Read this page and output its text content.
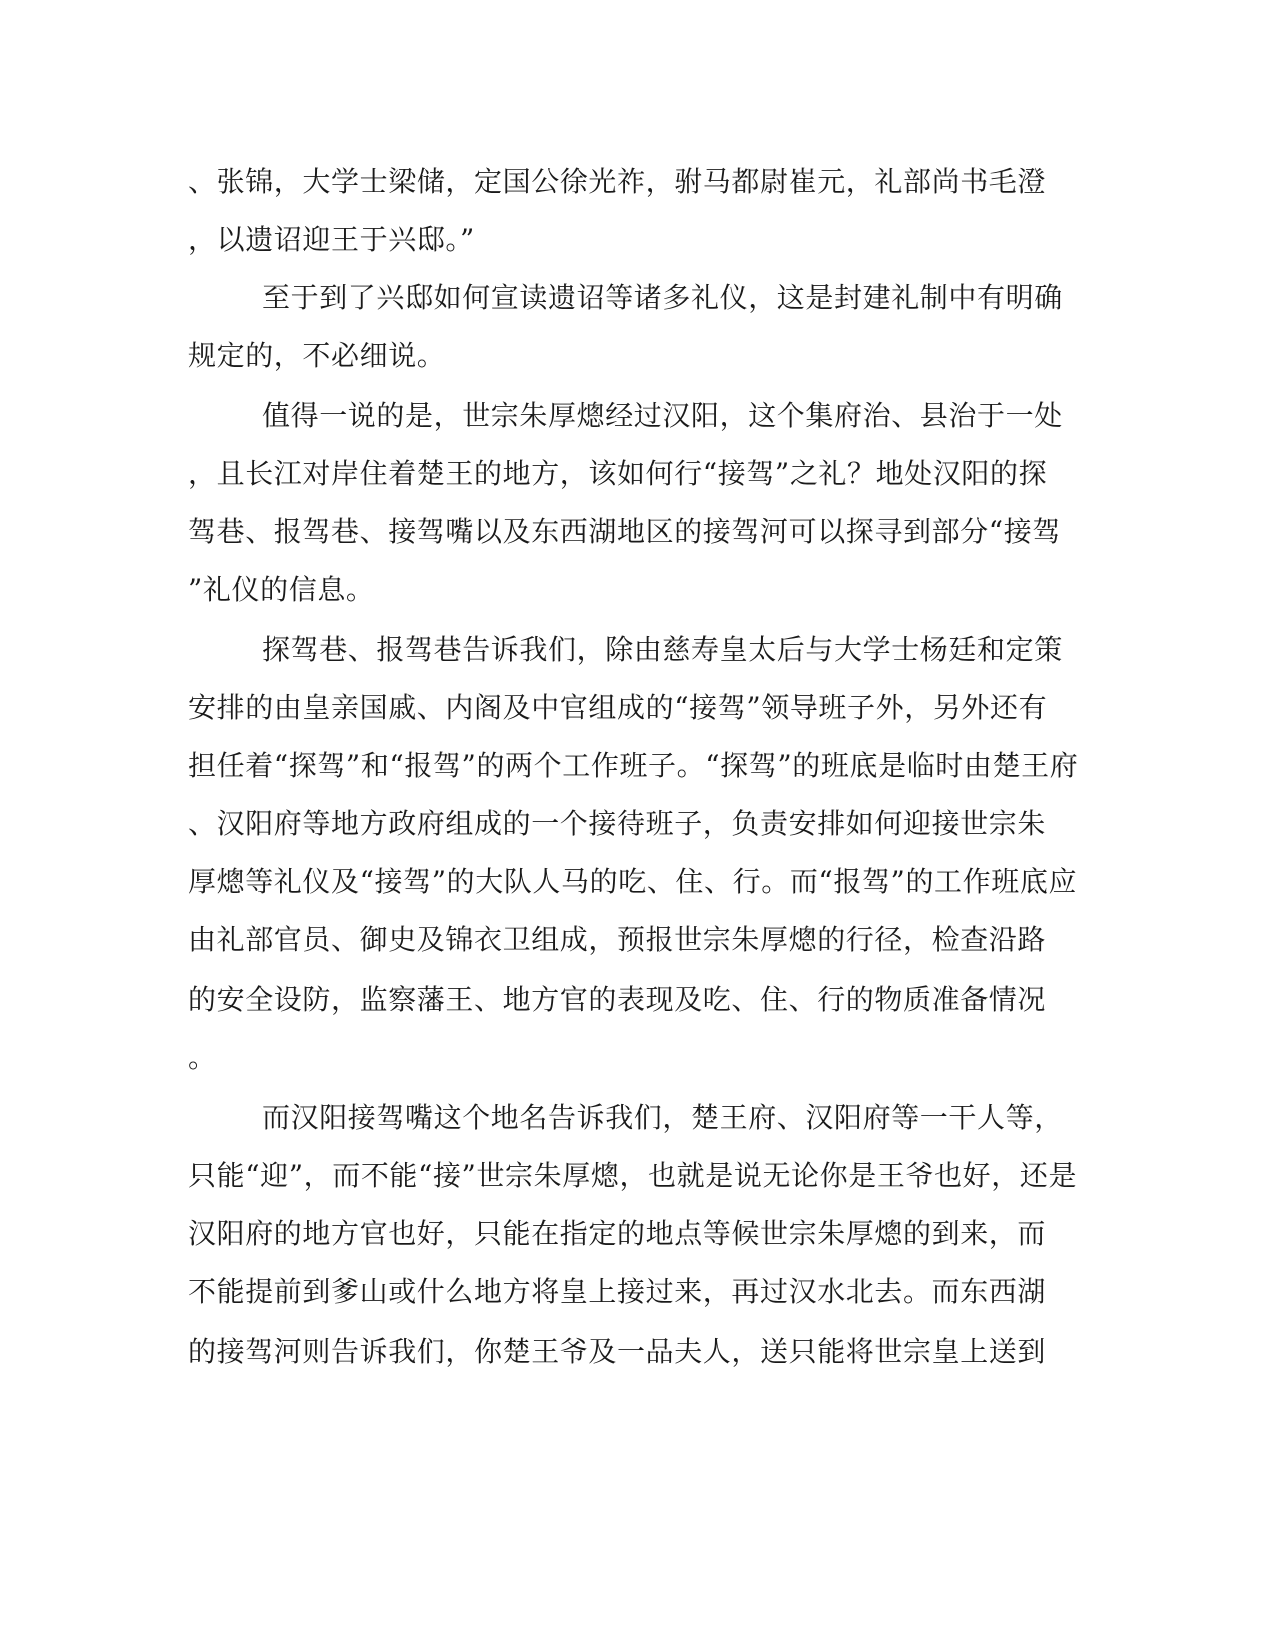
、张锦，大学士梁储，定国公徐光祚，驸马都尉崔元，礼部尚书毛澄
，以遗诏迎王于兴邸。”
至于到了兴邸如何宣读遗诏等诸多礼仪，这是封建礼制中有明确
规定的，不必细说。
值得一说的是，世宗朱厚熜经过汉阳，这个集府治、县治于一处
，且长江对岸住着楚王的地方，该如何行“接驾”之礼？地处汉阳的探
驾巷、报驾巷、接驾嘴以及东西湖地区的接驾河可以探寻到部分“接驾
”礼仪的信息。
探驾巷、报驾巷告诉我们，除由慈寿皇太后与大学士杨廷和定策
安排的由皇亲国戚、内阁及中官组成的“接驾”领导班子外，另外还有
担任着“探驾”和“报驾”的两个工作班子。“探驾”的班底是临时由楚王府
、汉阳府等地方政府组成的一个接待班子，负责安排如何迎接世宗朱
厚熜等礼仪及“接驾”的大队人马的吃、住、行。而“报驾”的工作班底应
由礼部官员、御史及锦衣卫组成，预报世宗朱厚熜的行径，检查沿路
的安全设防，监察藩王、地方官的表现及吃、住、行的物质准备情况
。
而汉阳接驾嘴这个地名告诉我们，楚王府、汉阳府等一干人等，
只能“迎”，而不能“接”世宗朱厚熜，也就是说无论你是王爷也好，还是
汉阳府的地方官也好，只能在指定的地点等候世宗朱厚熜的到来，而
不能提前到爹山或什么地方将皇上接过来，再过汉水北去。而东西湖
的接驾河则告诉我们，你楚王爷及一品夫人，送只能将世宗皇上送到
